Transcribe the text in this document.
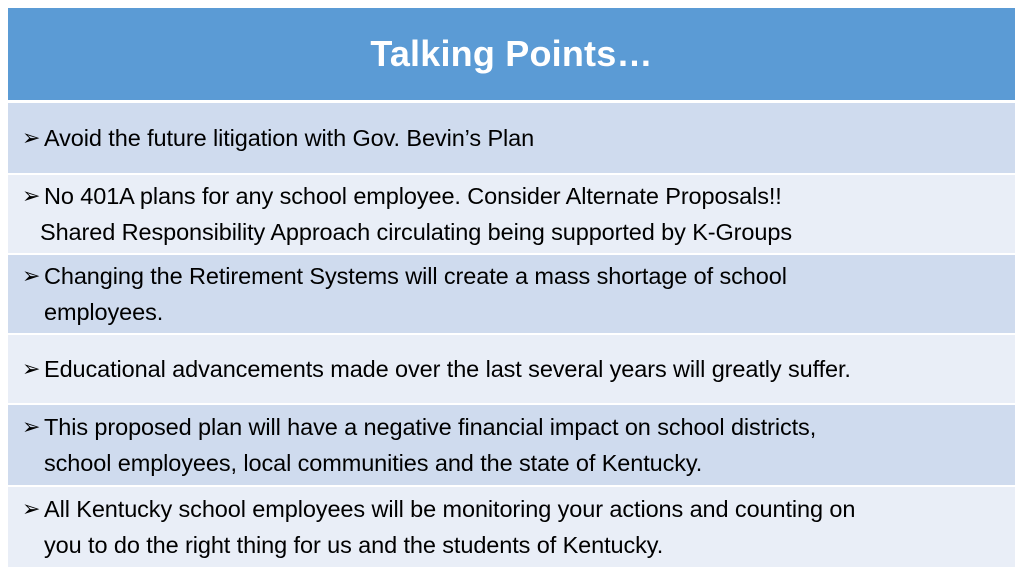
Talking Points…
➢ Avoid the future litigation with Gov. Bevin’s Plan
➢ No 401A plans for any school employee. Consider Alternate Proposals!!
Shared Responsibility Approach circulating being supported by K-Groups
➢ Changing the Retirement Systems will create a mass shortage of school
employees.
➢ Educational advancements made over the last several years will greatly suffer.
➢ This proposed plan will have a negative financial impact on school districts,
school employees, local communities and the state of Kentucky.
➢ All Kentucky school employees will be monitoring your actions and counting on
you to do the right thing for us and the students of Kentucky.
